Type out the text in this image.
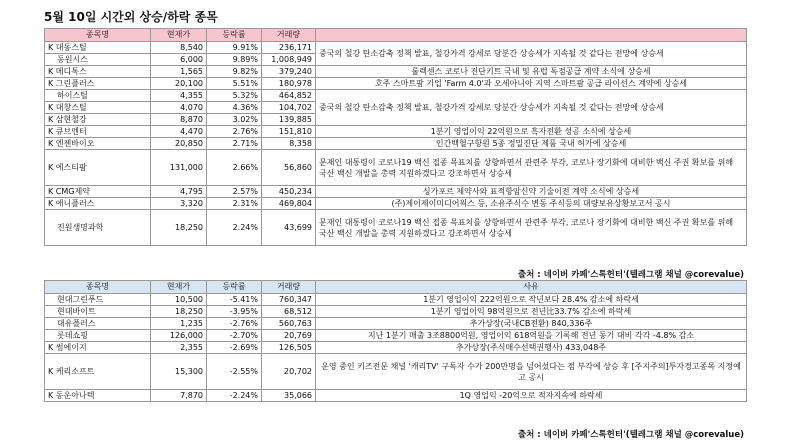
5월 10일 시간외 상승/하락 종목
종목명	현재가	등락률	거래량	
K 대동스틸	8,540	9.91%	236,171	중국의 철강 탄소감축 정책 발표, 철강가격 강세로 당분간 상승세가 지속될 것 같다는 전망에 상승세
동원시스	6,000	9.89%	1,008,949	
K 메디톡스	1,565	9.82%	379,240	룰렉센스 코로나 진단키트 국내 및 유럽 독점공급 계약 소식에 상승세
K 그린플러스	20,100	5.51%	180,978	호주 스마트팜 기업 'Farm 4.0'과 오세아니아 지역 스마트팜 공급 라이선스 계약에 상승세
하이스틸	4,355	5.32%	464,852	중국의 철강 탄소감축 정책 발표, 철강가격 강세로 당분간 상승세가 지속될 것 같다는 전망에 상승세
K 대창스틸	4,070	4.36%	104,702	
K 삼현철강	8,870	3.02%	139,885	
K 큐브엔터	4,470	2.76%	151,810	1분기 영업이익 22억원으로 흑자전환 성공 소식에 상승세
K 엔젠바이오	20,850	2.71%	8,358	인간백혈구항원 5종 정밀진단 제품 국내 허가에 상승세
K 에스티팜	131,000	2.66%	56,860	문재인 대통령이 코로나19 백신 접종 목표치를 상향하면서 관련주 부각, 코로나 장기화에 대비한 백신 주권 확보를 위해 국산 백신 개발을 총력 지원하겠다고 강조하면서 상승세
K CMG제약	4,795	2.57%	450,234	싱가포르 제약사와 표적항암신약 기술이전 계약 소식에 상승세
K 애니플러스	3,320	2.31%	469,804	(주)제이제이미디어웍스 등, 소유주식수 변동 주식등의 대량보유상황보고서 공시
진원생명과학	18,250	2.24%	43,699	문재인 대통령이 코로나19 백신 접종 목표치를 상향하면서 관련주 부각, 코로나 장기화에 대비한 백신 주권 확보를 위해 국산 백신 개발을 총력 지원하겠다고 강조하면서 상승세
출처 : 네이버 카페'스톡헌터'(텔레그램 채널 @corevalue)
종목명	현재가	등락률	거래량	사유
현대그린푸드	10,500	-5.41%	760,347	1분기 영업이익 222억원으로 작년보다 28.4% 감소에 하락세
현대바이트	18,250	-3.95%	68,512	1분기 영업이익 98억원으로 전년比33.7% 감소에 하락세
대유플러스	1,235	-2.76%	560,763	추가상장(국내CB전환) 840,336주
롯데쇼핑	126,000	-2.70%	20,769	지난 1분기 매출 3조8800억원, 영업이익 618억원을 기록해 전년 동기 대비 각각 -4.8% 감소
K 썸에이지	2,355	-2.69%	126,505	추가상장(주식매수선택권행사) 433,048주
K 케리소프트	15,300	-2.55%	20,702	운영 중인 키즈전문 채널 '캐리TV' 구독자 수가 200만명을 넘어섰다는 점 부각에 상승 후 [주지주의]투자경고종목 지정예고 공시
K 동운아나텍	7,870	-2.24%	35,066	1Q 영업익 -20억으로 적자지속에 하락세
출처 : 네이버 카페'스톡헌터'(텔레그램 채널 @corevalue)
